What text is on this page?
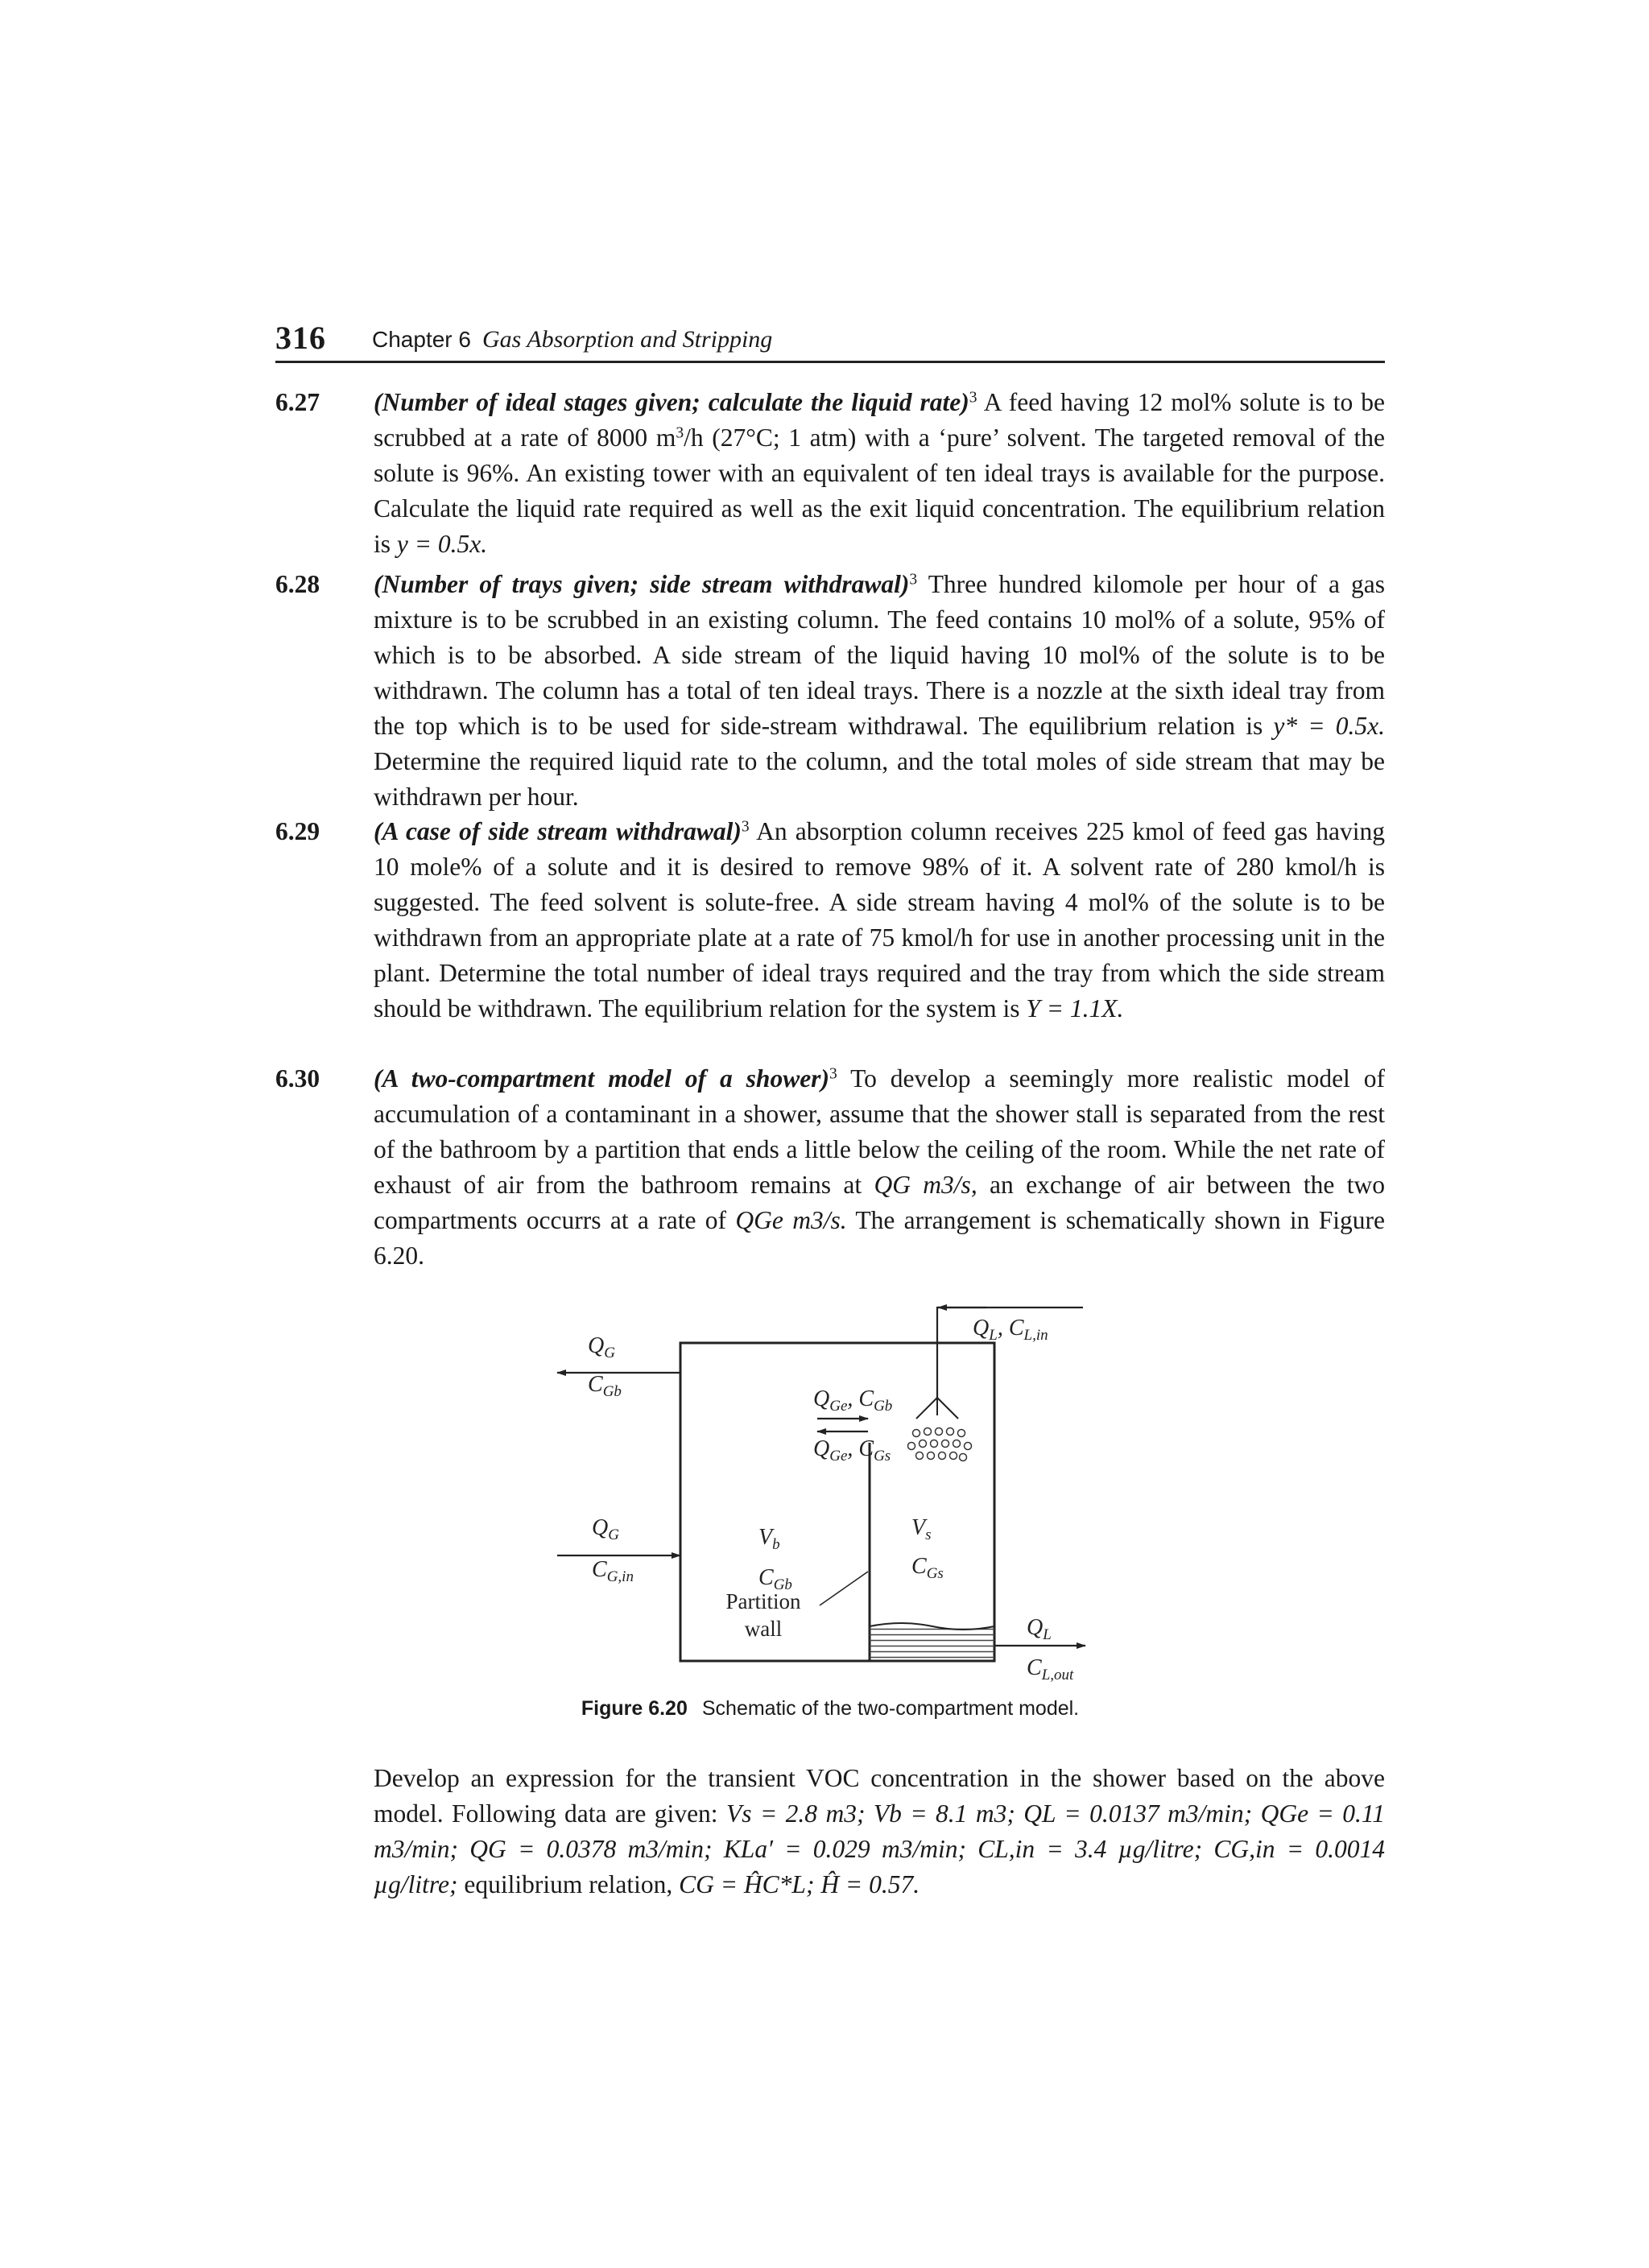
316 Chapter 6 Gas Absorption and Stripping
6.27 (Number of ideal stages given; calculate the liquid rate)$^3$ A feed having 12 mol% solute is to be scrubbed at a rate of 8000 $m^3/h$ (27°C; 1 atm) with a ‘pure’ solvent. The targeted removal of the solute is 96%. An existing tower with an equivalent of ten ideal trays is available for the purpose. Calculate the liquid rate required as well as the exit liquid concentration. The equilibrium relation is y = 0.5x.
6.28 (Number of trays given; side stream withdrawal)$^3$ Three hundred kilomole per hour of a gas mixture is to be scrubbed in an existing column. The feed contains 10 mol% of a solute, 95% of which is to be absorbed. A side stream of the liquid having 10 mol% of the solute is to be withdrawn. The column has a total of ten ideal trays. There is a nozzle at the sixth ideal tray from the top which is to be used for side-stream withdrawal. The equilibrium relation is y* = 0.5x. Determine the required liquid rate to the column, and the total moles of side stream that may be withdrawn per hour.
6.29 (A case of side stream withdrawal)$^3$ An absorption column receives 225 kmol of feed gas having 10 mole% of a solute and it is desired to remove 98% of it. A solvent rate of 280 kmol/h is suggested. The feed solvent is solute-free. A side stream having 4 mol% of the solute is to be withdrawn from an appropriate plate at a rate of 75 kmol/h for use in another processing unit in the plant. Determine the total number of ideal trays required and the tray from which the side stream should be withdrawn. The equilibrium relation for the system is Y = 1.1X.
6.30 (A two-compartment model of a shower)$^3$ To develop a seemingly more realistic model of accumulation of a contaminant in a shower, assume that the shower stall is separated from the rest of the bathroom by a partition that ends a little below the ceiling of the room. While the net rate of exhaust of air from the bathroom remains at QG m3/s, an exchange of air between the two compartments occurrs at a rate of QGe m3/s. The arrangement is schematically shown in Figure 6.20.
$Q_G$
$C_{Gb}$
$Q_G$
$C_{G,in}$
$Q_{Ge}$, $C_{Gb}$
$Q_{Ge}$, $C_{Gs}$
$Q_L$, $C_{L,in}$
$V_b$
$C_{Gb}$
$V_s$
$C_{Gs}$
$Q_L$
$C_{L,out}$
Partition
wall
Figure 6.20 Schematic of the two-compartment model.
Develop an expression for the transient VOC concentration in the shower based on the above model. Following data are given: Vs = 2.8 m3; Vb = 8.1 m3; QL = 0.0137 m3/min; QGe = 0.11 m3/min; QG = 0.0378 m3/min; KLa′ = 0.029 m3/min; CL,in = 3.4 µg/litre; CG,in = 0.0014 µg/litre; equilibrium relation, CG = ĤC*L; Ĥ = 0.57.
